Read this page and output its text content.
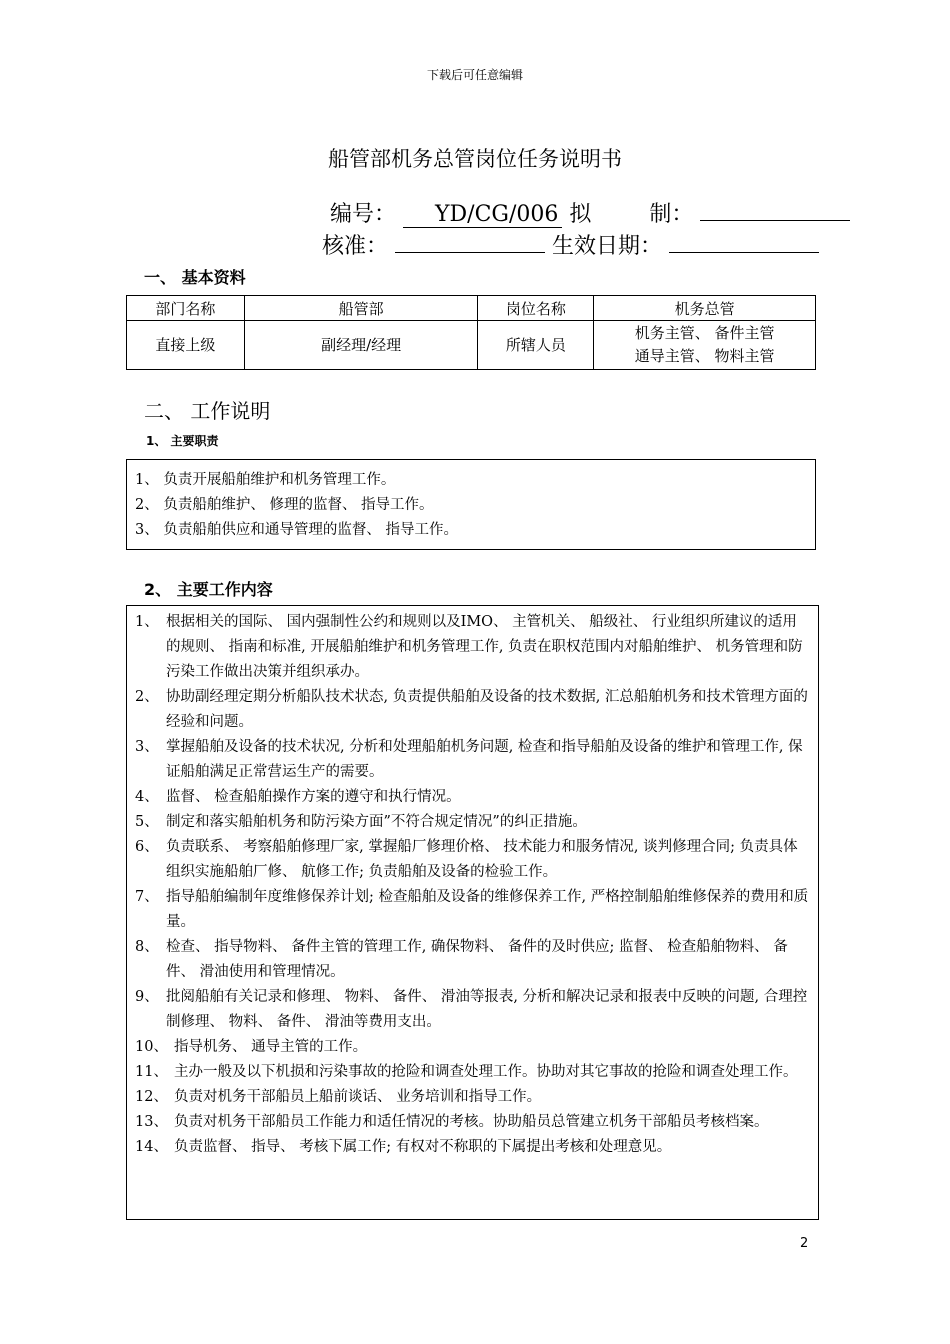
下载后可任意编辑
船管部机务总管岗位任务说明书
编号： YD/CG/006 拟	制：
核准：	生效日期：
一、 基本资料
部门名称	船管部	岗位名称	机务总管
直接上级	副经理/经理	所辖人员	机务主管、 备件主管
通导主管、 物料主管
二、 工作说明
1、 主要职责
1、 负责开展船舶维护和机务管理工作。
2、 负责船舶维护、 修理的监督、 指导工作。
3、 负责船舶供应和通导管理的监督、 指导工作。
2、 主要工作内容
1、 根据相关的国际、 国内强制性公约和规则以及IMO、 主管机关、 船级社、 行业组织所建议的适用的规则、 指南和标准, 开展船舶维护和机务管理工作, 负责在职权范围内对船舶维护、 机务管理和防污染工作做出决策并组织承办。
2、 协助副经理定期分析船队技术状态, 负责提供船舶及设备的技术数据, 汇总船舶机务和技术管理方面的经验和问题。
3、 掌握船舶及设备的技术状况, 分析和处理船舶机务问题, 检查和指导船舶及设备的维护和管理工作, 保证船舶满足正常营运生产的需要。
4、 监督、 检查船舶操作方案的遵守和执行情况。
5、 制定和落实船舶机务和防污染方面”不符合规定情况”的纠正措施。
6、 负责联系、 考察船舶修理厂家, 掌握船厂修理价格、 技术能力和服务情况, 谈判修理合同; 负责具体组织实施船舶厂修、 航修工作; 负责船舶及设备的检验工作。
7、 指导船舶编制年度维修保养计划; 检查船舶及设备的维修保养工作, 严格控制船舶维修保养的费用和质量。
8、 检查、 指导物料、 备件主管的管理工作, 确保物料、 备件的及时供应; 监督、 检查船舶物料、 备件、 滑油使用和管理情况。
9、 批阅船舶有关记录和修理、 物料、 备件、 滑油等报表, 分析和解决记录和报表中反映的问题, 合理控制修理、 物料、 备件、 滑油等费用支出。
10、 指导机务、 通导主管的工作。
11、 主办一般及以下机损和污染事故的抢险和调查处理工作。协助对其它事故的抢险和调查处理工作。
12、 负责对机务干部船员上船前谈话、 业务培训和指导工作。
13、 负责对机务干部船员工作能力和适任情况的考核。协助船员总管建立机务干部船员考核档案。
14、 负责监督、 指导、 考核下属工作; 有权对不称职的下属提出考核和处理意见。
2
